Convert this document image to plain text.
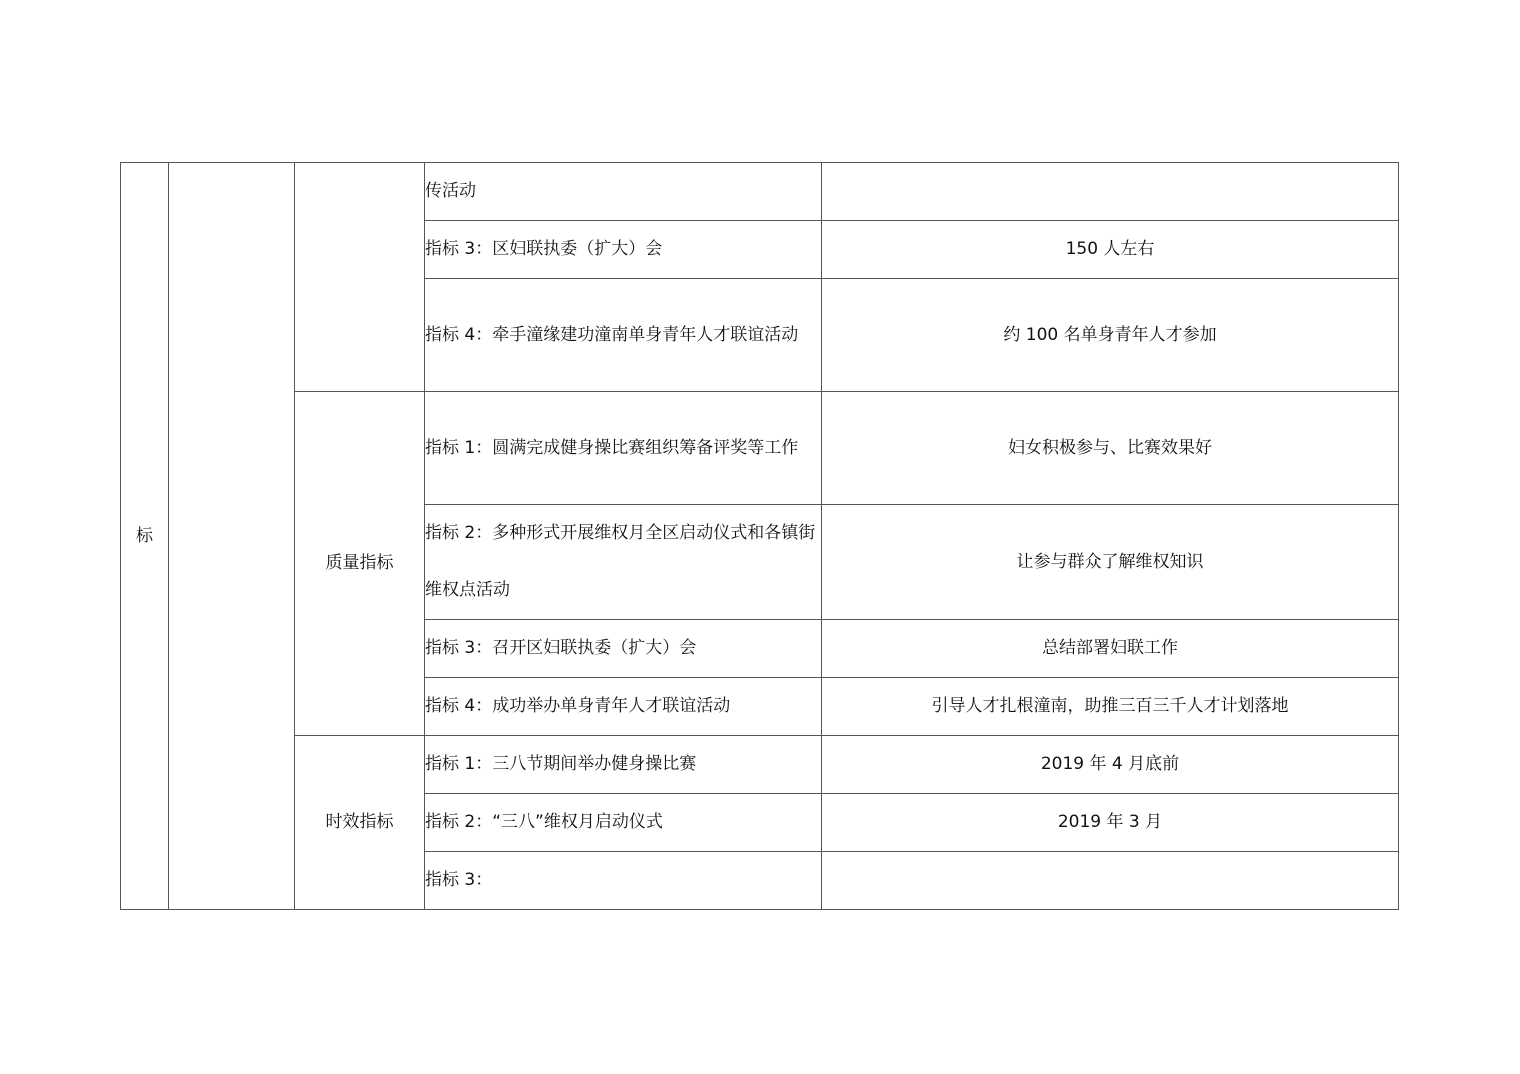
标			传活动	
			指标 3：区妇联执委（扩大）会	150 人左右
			指标 4：牵手潼缘建功潼南单身青年人才联谊活动	约 100 名单身青年人才参加
		质量指标	指标 1：圆满完成健身操比赛组织筹备评奖等工作	妇女积极参与、比赛效果好
			指标 2：多种形式开展维权月全区启动仪式和各镇街维权点活动	让参与群众了解维权知识
			指标 3：召开区妇联执委（扩大）会	总结部署妇联工作
			指标 4：成功举办单身青年人才联谊活动	引导人才扎根潼南，助推三百三千人才计划落地
		时效指标	指标 1：三八节期间举办健身操比赛	2019 年 4 月底前
			指标 2：“三八”维权月启动仪式	2019 年 3 月
			指标 3：	
